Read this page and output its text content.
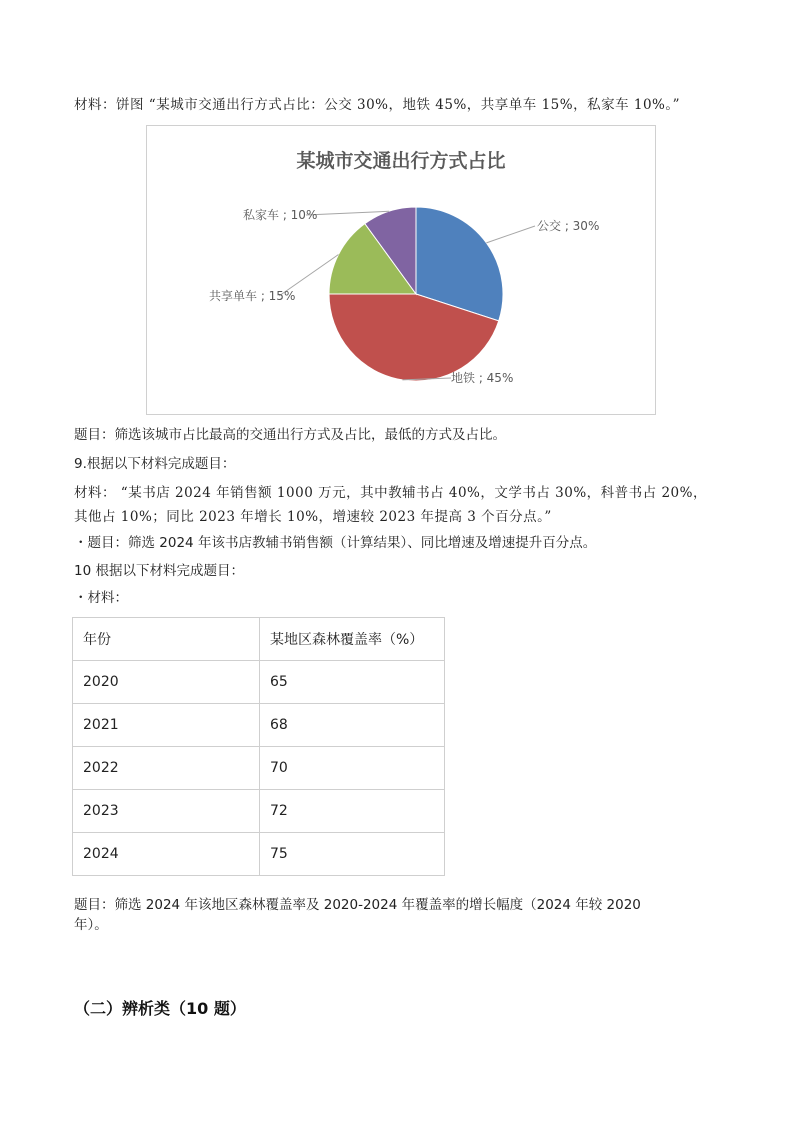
材料：饼图 “某城市交通出行方式占比：公交 30%，地铁 45%，共享单车 15%，私家车 10%。”
某城市交通出行方式占比
公交 ; 30%
地铁 ; 45%
共享单车 ; 15%
私家车 ; 10%
题目：筛选该城市占比最高的交通出行方式及占比，最低的方式及占比。
9.根据以下材料完成题目：
材料： “某书店 2024 年销售额 1000 万元，其中教辅书占 40%，文学书占 30%，科普书占 20%，
其他占 10%；同比 2023 年增长 10%，增速较 2023 年提高 3 个百分点。”
・题目：筛选 2024 年该书店教辅书销售额（计算结果）、同比增速及增速提升百分点。
10 根据以下材料完成题目：
・材料：
年份	某地区森林覆盖率（%）
2020	65
2021	68
2022	70
2023	72
2024	75
题目：筛选 2024 年该地区森林覆盖率及 2020-2024 年覆盖率的增长幅度（2024 年较 2020
年）。
（二）辨析类（10 题）
